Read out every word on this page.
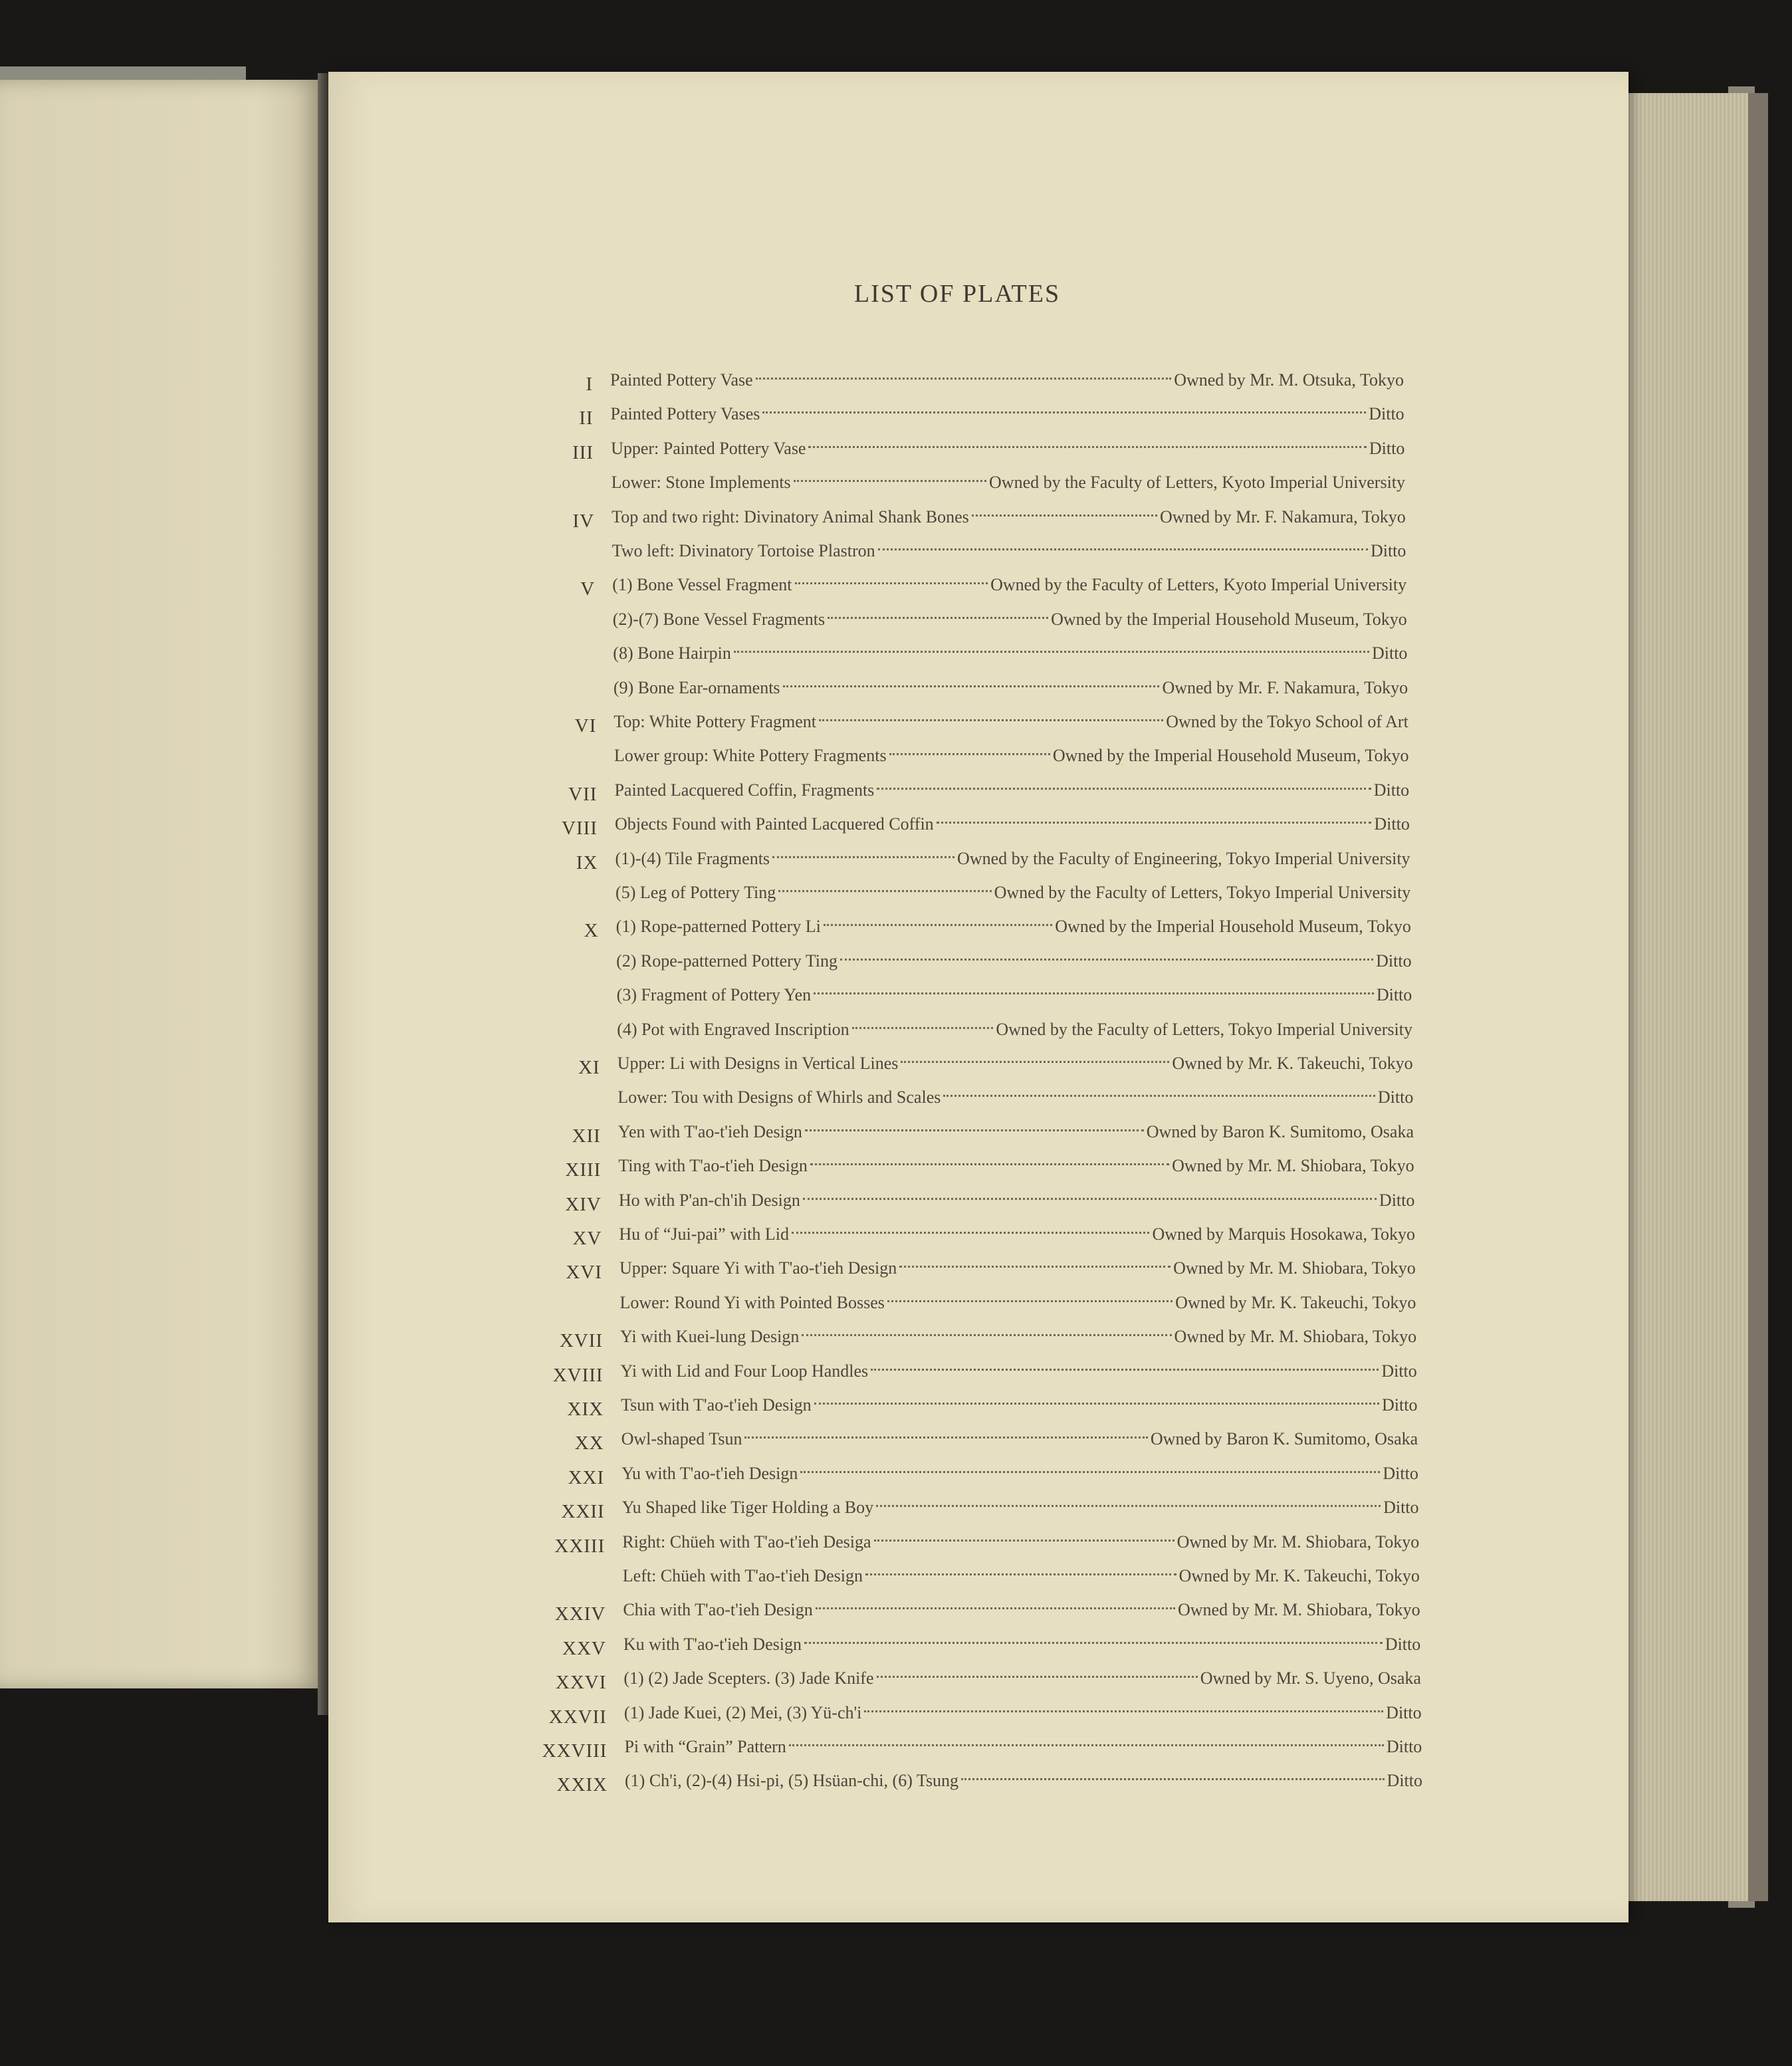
LIST OF PLATES
I Painted Pottery Vase	Owned by Mr. M. Otsuka, Tokyo
II Painted Pottery Vases	Ditto
III Upper: Painted Pottery Vase	Ditto
Lower: Stone Implements	Owned by the Faculty of Letters, Kyoto Imperial University
IV Top and two right: Divinatory Animal Shank Bones	Owned by Mr. F. Nakamura, Tokyo
Two left: Divinatory Tortoise Plastron	Ditto
V (1) Bone Vessel Fragment	Owned by the Faculty of Letters, Kyoto Imperial University
(2)-(7) Bone Vessel Fragments	Owned by the Imperial Household Museum, Tokyo
(8) Bone Hairpin	Ditto
(9) Bone Ear-ornaments	Owned by Mr. F. Nakamura, Tokyo
VI Top: White Pottery Fragment	Owned by the Tokyo School of Art
Lower group: White Pottery Fragments	Owned by the Imperial Household Museum, Tokyo
VII Painted Lacquered Coffin, Fragments	Ditto
VIII Objects Found with Painted Lacquered Coffin	Ditto
IX (1)-(4) Tile Fragments	Owned by the Faculty of Engineering, Tokyo Imperial University
(5) Leg of Pottery Ting	Owned by the Faculty of Letters, Tokyo Imperial University
X (1) Rope-patterned Pottery Li	Owned by the Imperial Household Museum, Tokyo
(2) Rope-patterned Pottery Ting	Ditto
(3) Fragment of Pottery Yen	Ditto
(4) Pot with Engraved Inscription	Owned by the Faculty of Letters, Tokyo Imperial University
XI Upper: Li with Designs in Vertical Lines	Owned by Mr. K. Takeuchi, Tokyo
Lower: Tou with Designs of Whirls and Scales	Ditto
XII Yen with T'ao-t'ieh Design	Owned by Baron K. Sumitomo, Osaka
XIII Ting with T'ao-t'ieh Design	Owned by Mr. M. Shiobara, Tokyo
XIV Ho with P'an-ch'ih Design	Ditto
XV Hu of “Jui-pai” with Lid	Owned by Marquis Hosokawa, Tokyo
XVI Upper: Square Yi with T'ao-t'ieh Design	Owned by Mr. M. Shiobara, Tokyo
Lower: Round Yi with Pointed Bosses	Owned by Mr. K. Takeuchi, Tokyo
XVII Yi with Kuei-lung Design	Owned by Mr. M. Shiobara, Tokyo
XVIII Yi with Lid and Four Loop Handles	Ditto
XIX Tsun with T'ao-t'ieh Design	Ditto
XX Owl-shaped Tsun	Owned by Baron K. Sumitomo, Osaka
XXI Yu with T'ao-t'ieh Design	Ditto
XXII Yu Shaped like Tiger Holding a Boy	Ditto
XXIII Right: Chüeh with T'ao-t'ieh Desiga	Owned by Mr. M. Shiobara, Tokyo
Left: Chüeh with T'ao-t'ieh Design	Owned by Mr. K. Takeuchi, Tokyo
XXIV Chia with T'ao-t'ieh Design	Owned by Mr. M. Shiobara, Tokyo
XXV Ku with T'ao-t'ieh Design	Ditto
XXVI (1) (2) Jade Scepters. (3) Jade Knife	Owned by Mr. S. Uyeno, Osaka
XXVII (1) Jade Kuei, (2) Mei, (3) Yü-ch'i	Ditto
XXVIII Pi with “Grain” Pattern	Ditto
XXIX (1) Ch'i, (2)-(4) Hsi-pi, (5) Hsüan-chi, (6) Tsung	Ditto
